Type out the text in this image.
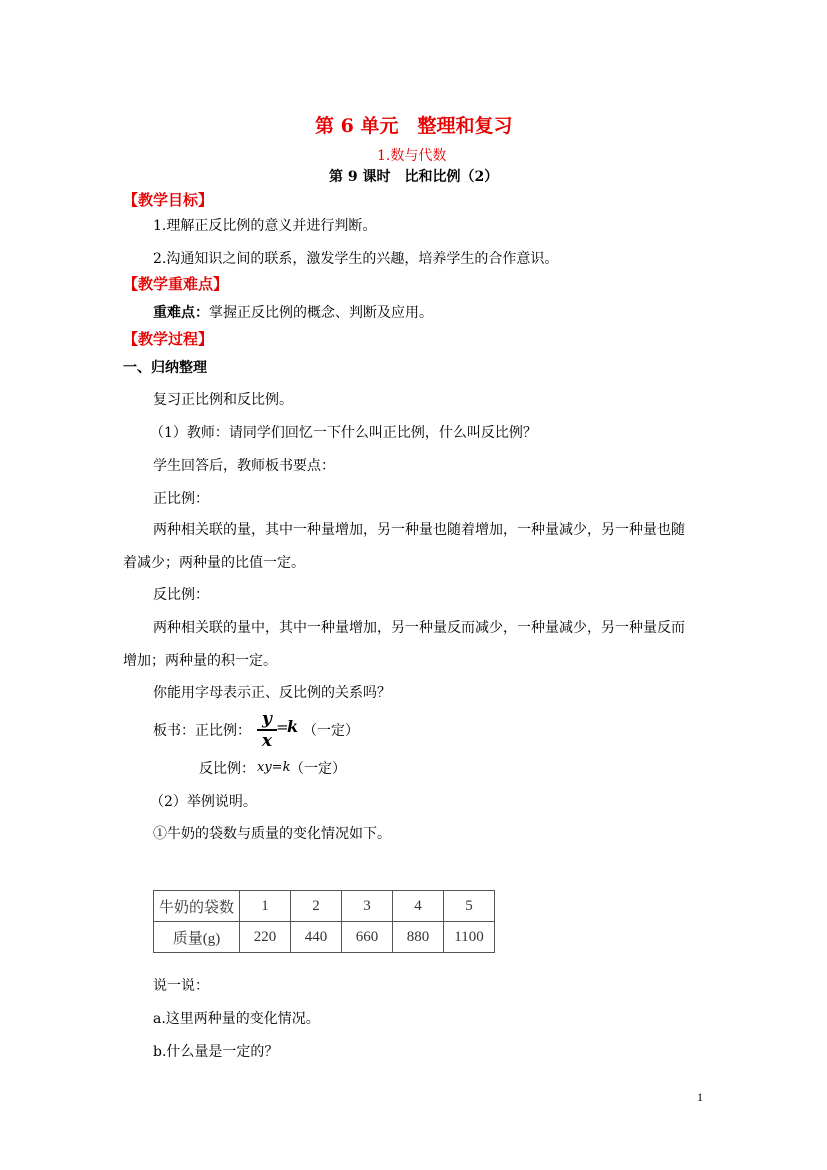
第 6 单元　整理和复习
1.数与代数
第 9 课时　比和比例（2）
【教学目标】
1.理解正反比例的意义并进行判断。
2.沟通知识之间的联系，激发学生的兴趣，培养学生的合作意识。
【教学重难点】
重难点：掌握正反比例的概念、判断及应用。
【教学过程】
一、归纳整理
复习正比例和反比例。
（1）教师：请同学们回忆一下什么叫正比例，什么叫反比例？
学生回答后，教师板书要点：
正比例：
两种相关联的量，其中一种量增加，另一种量也随着增加，一种量减少，另一种量也随
着减少；两种量的比值一定。
反比例：
两种相关联的量中，其中一种量增加，另一种量反而减少，一种量减少，另一种量反而
增加；两种量的积一定。
你能用字母表示正、反比例的关系吗？
板书：正比例：
y
x
=
k （一定）
反比例： xy=k （一定）
（2）举例说明。
①牛奶的袋数与质量的变化情况如下。
牛奶的袋数	1	2	3	4	5
质量(g)	220	440	660	880	1100
说一说：
a.这里两种量的变化情况。
b.什么量是一定的？
1
